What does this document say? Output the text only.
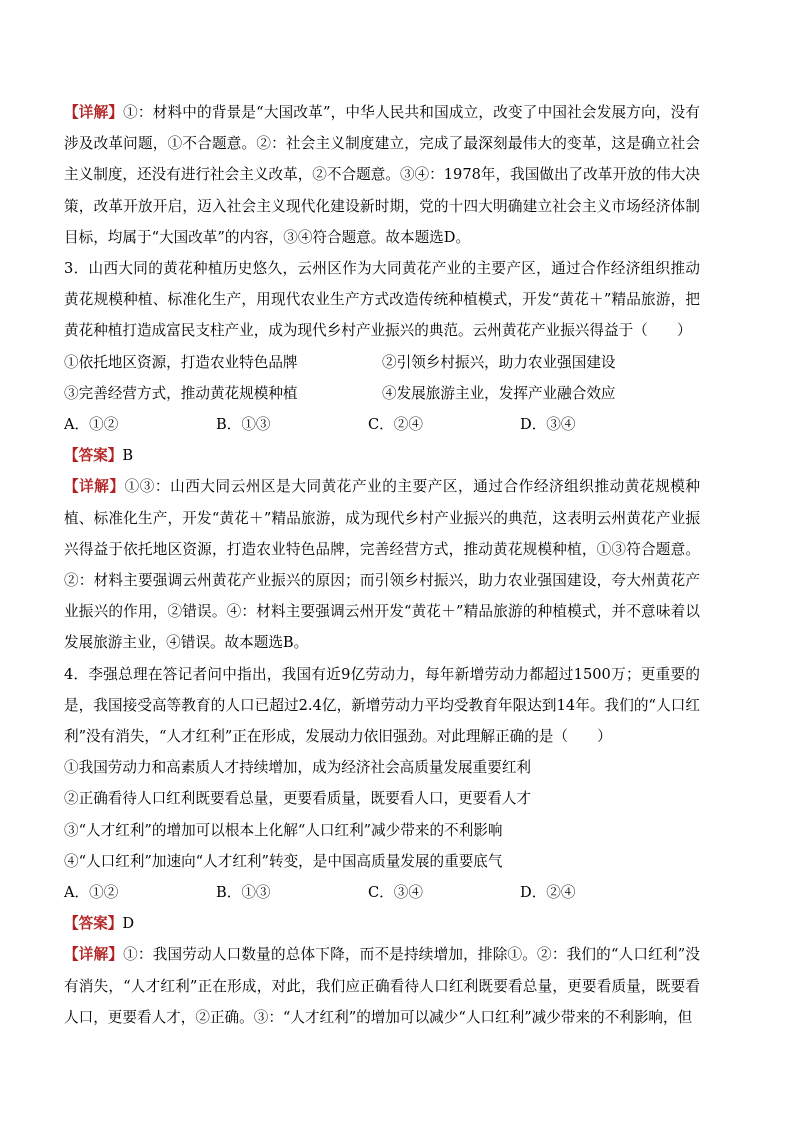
【详解】①：材料中的背景是“大国改革”，中华人民共和国成立，改变了中国社会发展方向，没有涉及改革问题，①不合题意。②：社会主义制度建立，完成了最深刻最伟大的变革，这是确立社会主义制度，还没有进行社会主义改革，②不合题意。③④：1978年，我国做出了改革开放的伟大决策，改革开放开启，迈入社会主义现代化建设新时期，党的十四大明确建立社会主义市场经济体制目标，均属于“大国改革”的内容，③④符合题意。故本题选D。

3．山西大同的黄花种植历史悠久，云州区作为大同黄花产业的主要产区，通过合作经济组织推动黄花规模种植、标准化生产，用现代农业生产方式改造传统种植模式，开发“黄花＋”精品旅游，把黄花种植打造成富民支柱产业，成为现代乡村产业振兴的典范。云州黄花产业振兴得益于（　　）

①依托地区资源，打造农业特色品牌	②引领乡村振兴，助力农业强国建设
③完善经营方式，推动黄花规模种植	④发展旅游主业，发挥产业融合效应
A．①②	B．①③	C．②④	D．③④

【答案】B

【详解】①③：山西大同云州区是大同黄花产业的主要产区，通过合作经济组织推动黄花规模种植、标准化生产，开发“黄花＋”精品旅游，成为现代乡村产业振兴的典范，这表明云州黄花产业振兴得益于依托地区资源，打造农业特色品牌，完善经营方式，推动黄花规模种植，①③符合题意。②：材料主要强调云州黄花产业振兴的原因；而引领乡村振兴，助力农业强国建设，夸大州黄花产业振兴的作用，②错误。④：材料主要强调云州开发“黄花＋”精品旅游的种植模式，并不意味着以发展旅游主业，④错误。故本题选B。

4．李强总理在答记者问中指出，我国有近9亿劳动力，每年新增劳动力都超过1500万；更重要的是，我国接受高等教育的人口已超过2.4亿，新增劳动力平均受教育年限达到14年。我们的“人口红利”没有消失，“人才红利”正在形成，发展动力依旧强劲。对此理解正确的是（　　）

①我国劳动力和高素质人才持续增加，成为经济社会高质量发展重要红利

②正确看待人口红利既要看总量，更要看质量，既要看人口，更要看人才

③“人才红利”的增加可以根本上化解“人口红利”减少带来的不利影响

④“人口红利”加速向“人才红利”转变，是中国高质量发展的重要底气

A．①②	B．①③	C．③④	D．②④

【答案】D

【详解】①：我国劳动人口数量的总体下降，而不是持续增加，排除①。②：我们的“人口红利”没有消失，“人才红利”正在形成，对此，我们应正确看待人口红利既要看总量，更要看质量，既要看人口，更要看人才，②正确。③：“人才红利”的增加可以减少“人口红利”减少带来的不利影响，但
